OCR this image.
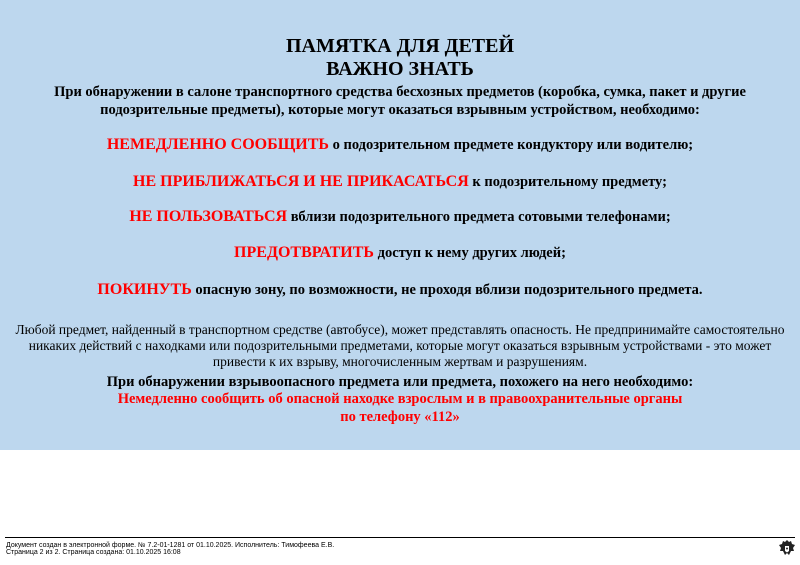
ПАМЯТКА ДЛЯ ДЕТЕЙ
ВАЖНО ЗНАТЬ
При обнаружении в салоне транспортного средства бесхозных предметов (коробка, сумка, пакет и другие подозрительные предметы), которые могут оказаться взрывным устройством, необходимо:
НЕМЕДЛЕННО СООБЩИТЬ о подозрительном предмете кондуктору или водителю;
НЕ ПРИБЛИЖАТЬСЯ И НЕ ПРИКАСАТЬСЯ к подозрительному предмету;
НЕ ПОЛЬЗОВАТЬСЯ вблизи подозрительного предмета сотовыми телефонами;
ПРЕДОТВРАТИТЬ доступ к нему других людей;
ПОКИНУТЬ опасную зону, по возможности, не проходя вблизи подозрительного предмета.
Любой предмет, найденный в транспортном средстве (автобусе), может представлять опасность. Не предпринимайте самостоятельно никаких действий с находками или подозрительными предметами, которые могут оказаться взрывным устройствами - это может привести к их взрыву, многочисленным жертвам и разрушениям.
При обнаружении взрывоопасного предмета или предмета, похожего на него необходимо:
Немедленно сообщить об опасной находке взрослым и в правоохранительные органы
по телефону «112»
Документ создан в электронной форме. № 7.2-01-1281 от 01.10.2025. Исполнитель: Тимофеева Е.В.
Страница 2 из 2. Страница создана: 01.10.2025 16:08
